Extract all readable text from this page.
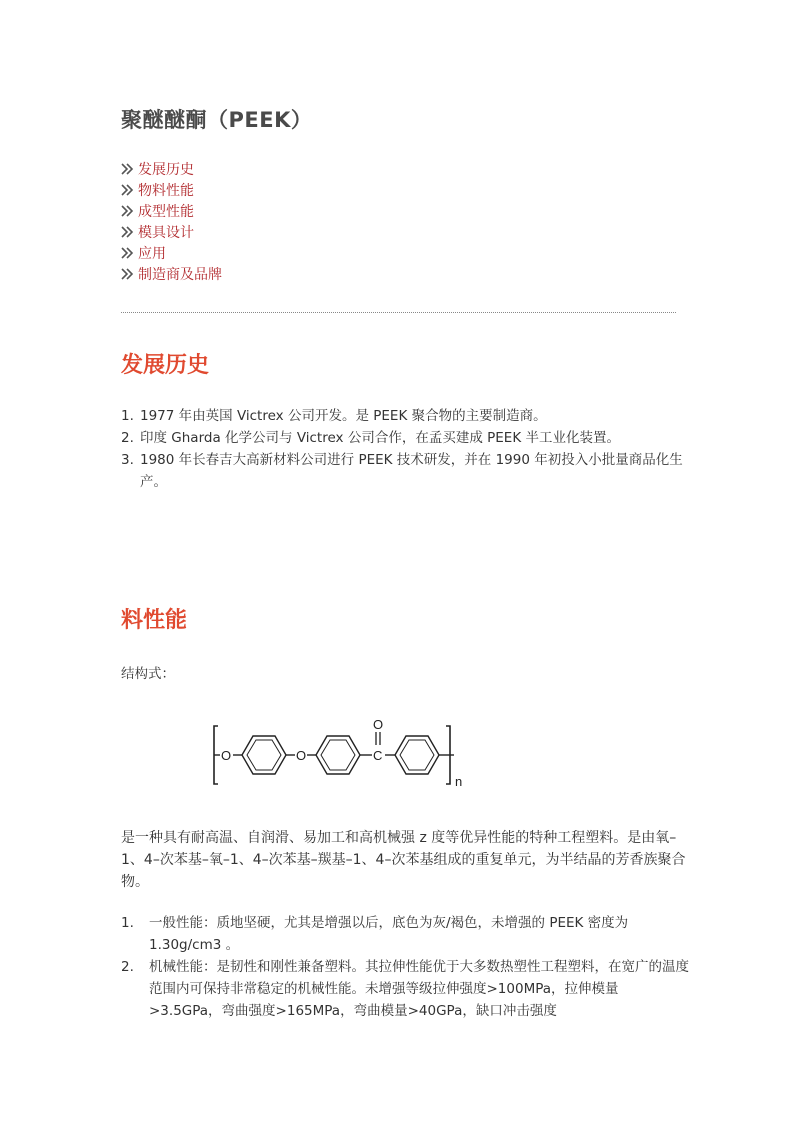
聚醚醚酮（PEEK）
发展历史
物料性能
成型性能
模具设计
应用
制造商及品牌
发展历史
1. 1977 年由英国 Victrex 公司开发。是 PEEK 聚合物的主要制造商。
2. 印度 Gharda 化学公司与 Victrex 公司合作，在孟买建成 PEEK 半工业化装置。
3. 1980 年长春吉大高新材料公司进行 PEEK 技术研发，并在 1990 年初投入小批量商品化生产。
料性能
结构式：
O	O	C
O
n

是一种具有耐高温、自润滑、易加工和高机械强 z 度等优异性能的特种工程塑料。是由氧–1、4–次苯基–氧–1、4–次苯基–羰基–1、4–次苯基组成的重复单元，为半结晶的芳香族聚合物。

1. 一般性能：质地坚硬，尤其是增强以后，底色为灰/褐色，未增强的 PEEK 密度为 1.30g/cm3 。
2. 机械性能：是韧性和刚性兼备塑料。其拉伸性能优于大多数热塑性工程塑料，在宽广的温度范围内可保持非常稳定的机械性能。未增强等级拉伸强度>100MPa，拉伸模量>3.5GPa，弯曲强度>165MPa，弯曲模量>40GPa，缺口冲击强度
